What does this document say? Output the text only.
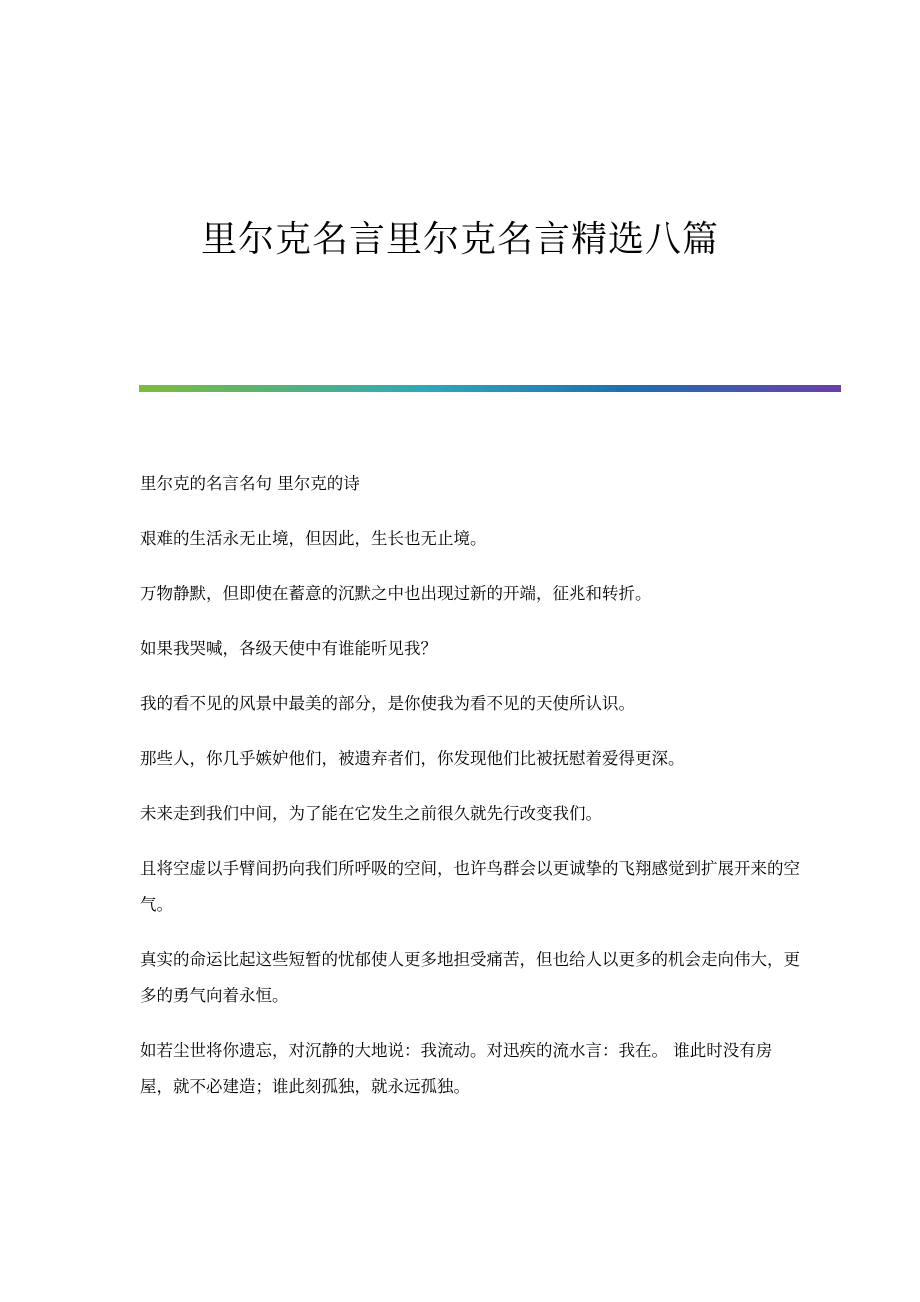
里尔克名言里尔克名言精选八篇

里尔克的名言名句 里尔克的诗

艰难的生活永无止境，但因此，生长也无止境。

万物静默，但即使在蓄意的沉默之中也出现过新的开端，征兆和转折。

如果我哭喊，各级天使中有谁能听见我？

我的看不见的风景中最美的部分，是你使我为看不见的天使所认识。

那些人，你几乎嫉妒他们，被遗弃者们，你发现他们比被抚慰着爱得更深。

未来走到我们中间，为了能在它发生之前很久就先行改变我们。

且将空虚以手臂间扔向我们所呼吸的空间，也许鸟群会以更诚挚的飞翔感觉到扩展开来的空气。

真实的命运比起这些短暂的忧郁使人更多地担受痛苦，但也给人以更多的机会走向伟大，更多的勇气向着永恒。

如若尘世将你遗忘，对沉静的大地说：我流动。对迅疾的流水言：我在。 谁此时没有房屋，就不必建造；谁此刻孤独，就永远孤独。
